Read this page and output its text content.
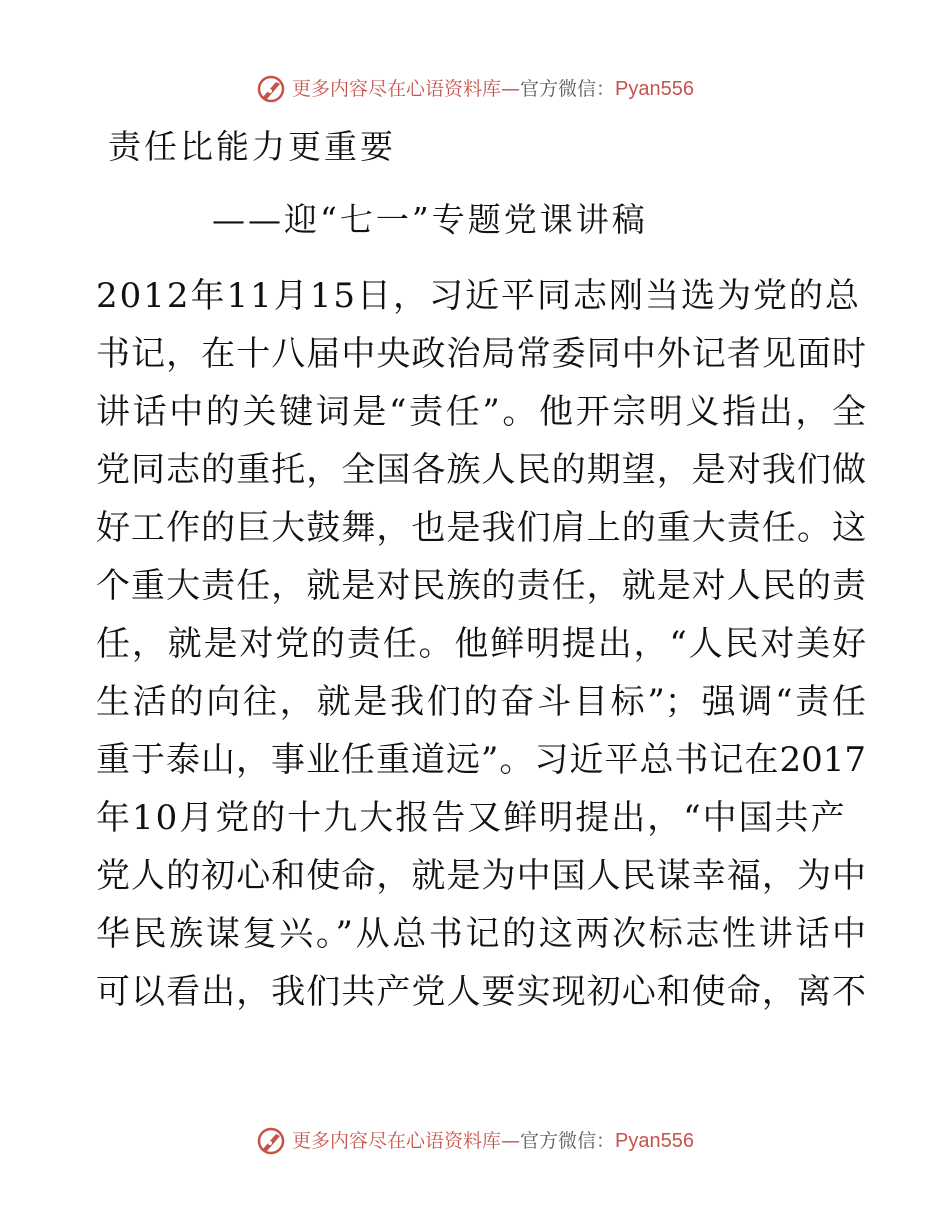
更多内容尽在心语资料库 — 官方微信： Pyan556
责任比能力更重要
——迎“七一”专题党课讲稿
2012年11月15日，习近平同志刚当选为党的总
书记，在十八届中央政治局常委同中外记者见面时
讲话中的关键词是“责任”。他开宗明义指出，全
党同志的重托，全国各族人民的期望，是对我们做
好工作的巨大鼓舞，也是我们肩上的重大责任。这
个重大责任，就是对民族的责任，就是对人民的责
任，就是对党的责任。他鲜明提出，“人民对美好
生活的向往，就是我们的奋斗目标”；强调“责任
重于泰山，事业任重道远”。习近平总书记在2017
年10月党的十九大报告又鲜明提出，“中国共产
党人的初心和使命，就是为中国人民谋幸福，为中
华民族谋复兴。”从总书记的这两次标志性讲话中
可以看出，我们共产党人要实现初心和使命，离不
更多内容尽在心语资料库 — 官方微信： Pyan556
